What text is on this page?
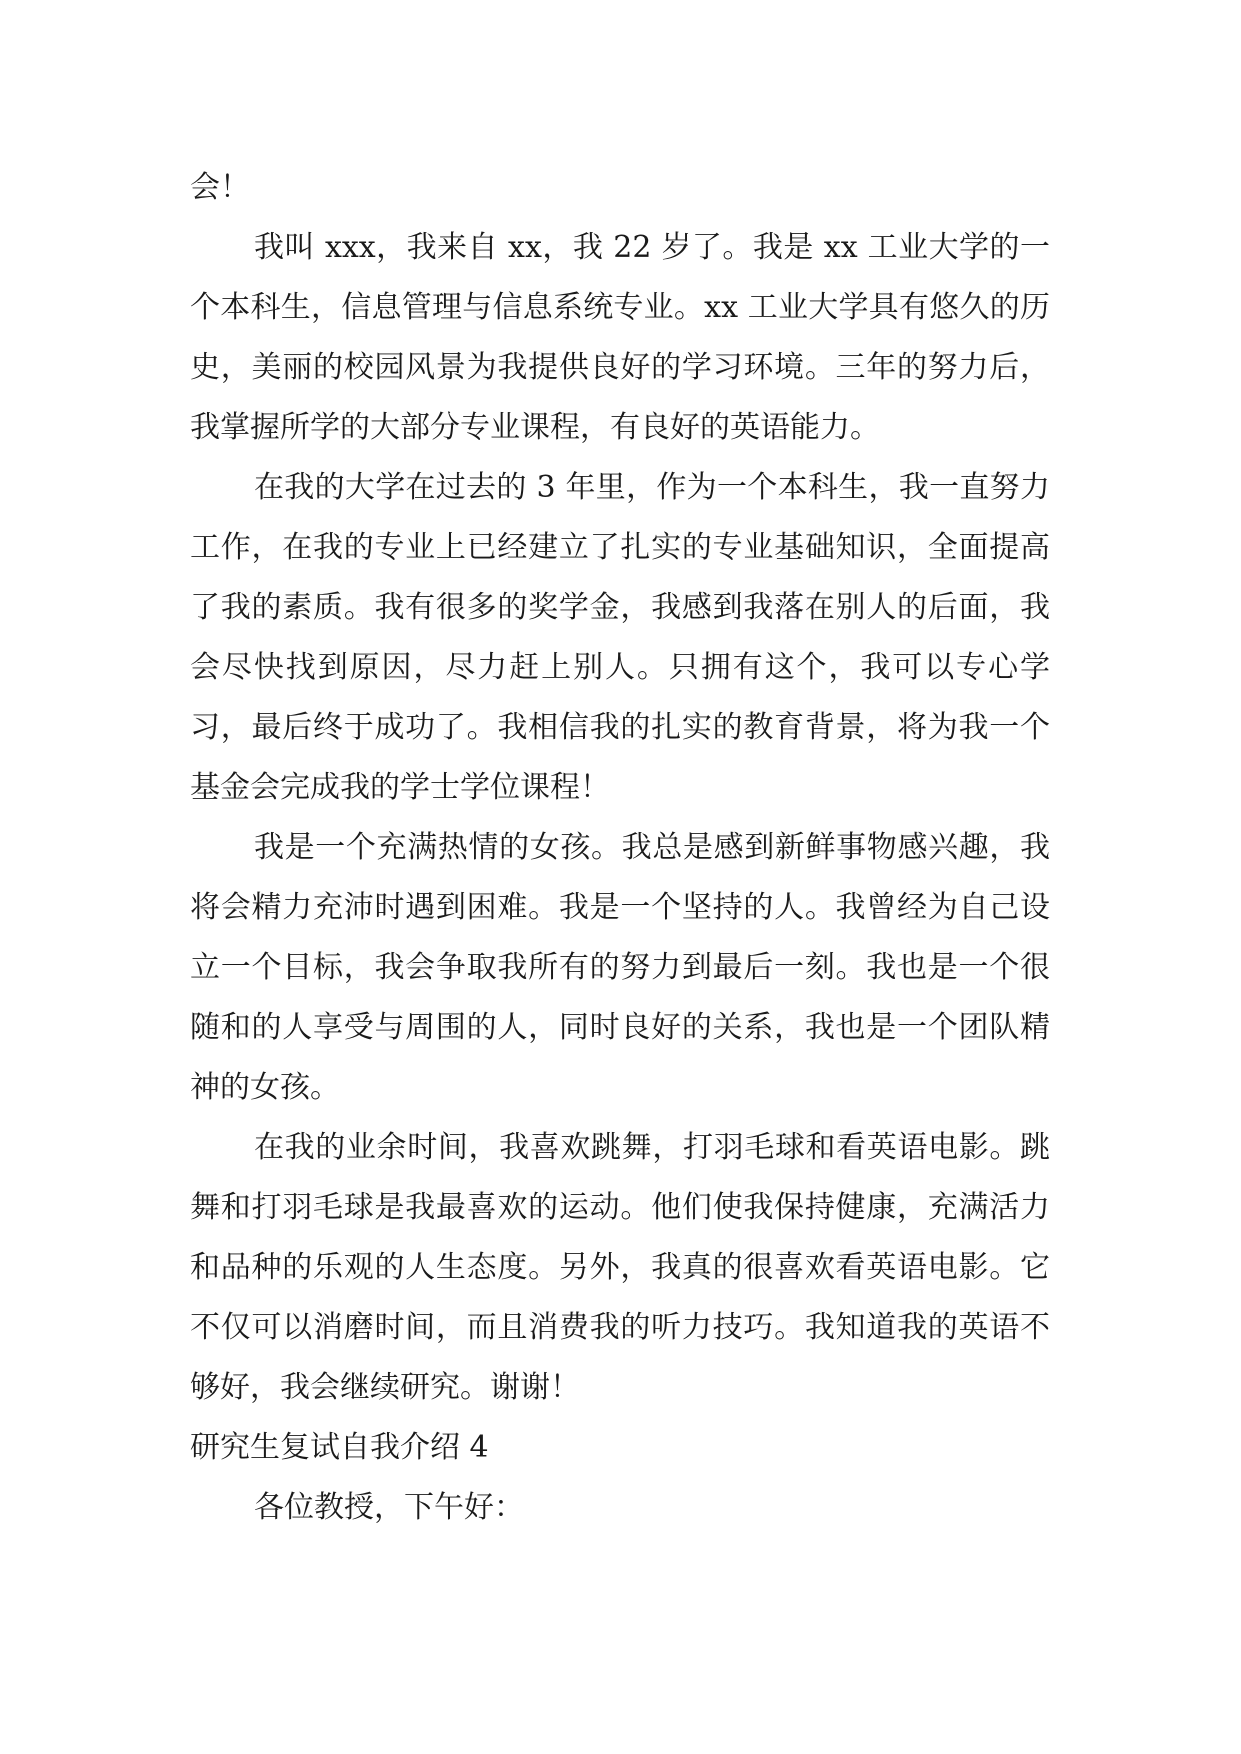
会！

我叫 xxx，我来自 xx，我 22 岁了。我是 xx 工业大学的一个本科生，信息管理与信息系统专业。xx 工业大学具有悠久的历史，美丽的校园风景为我提供良好的学习环境。三年的努力后，我掌握所学的大部分专业课程，有良好的英语能力。

在我的大学在过去的 3 年里，作为一个本科生，我一直努力工作，在我的专业上已经建立了扎实的专业基础知识，全面提高了我的素质。我有很多的奖学金，我感到我落在别人的后面，我会尽快找到原因，尽力赶上别人。只拥有这个，我可以专心学习，最后终于成功了。我相信我的扎实的教育背景，将为我一个基金会完成我的学士学位课程！

我是一个充满热情的女孩。我总是感到新鲜事物感兴趣，我将会精力充沛时遇到困难。我是一个坚持的人。我曾经为自己设立一个目标，我会争取我所有的努力到最后一刻。我也是一个很随和的人享受与周围的人，同时良好的关系，我也是一个团队精神的女孩。

在我的业余时间，我喜欢跳舞，打羽毛球和看英语电影。跳舞和打羽毛球是我最喜欢的运动。他们使我保持健康，充满活力和品种的乐观的人生态度。另外，我真的很喜欢看英语电影。它不仅可以消磨时间，而且消费我的听力技巧。我知道我的英语不够好，我会继续研究。谢谢！

研究生复试自我介绍 4

各位教授，下午好：
